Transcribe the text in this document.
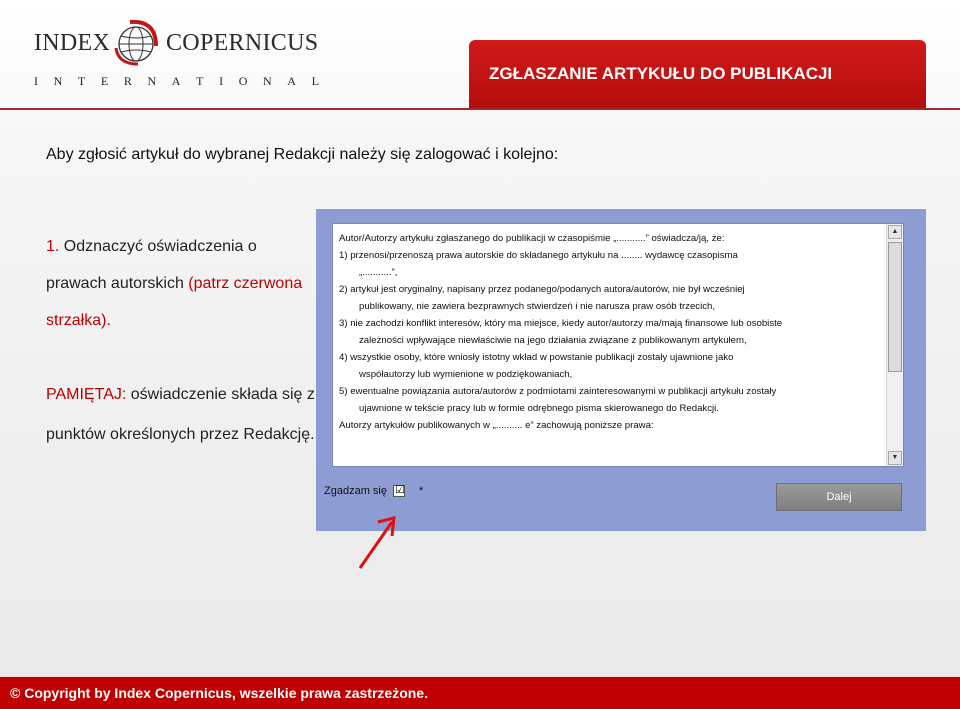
INDEX COPERNICUS
I N T E R N A T I O N A L	ZGŁASZANIE ARTYKUŁU DO PUBLIKACJI
Aby zgłosić artykuł do wybranej Redakcji należy się zalogować i kolejno:
1. Odznaczyć oświadczenia o prawach autorskich (patrz czerwona strzałka).
PAMIĘTAJ: oświadczenie składa się z punktów określonych przez Redakcję.
Autor/Autorzy artykułu zgłaszanego do publikacji w czasopiśmie „...........” oświadcza/ją, że:
1) przenosi/przenoszą prawa autorskie do składanego artykułu na ........ wydawcę czasopisma
„...........”,
2) artykuł jest oryginalny, napisany przez podanego/podanych autora/autorów, nie był wcześniej
publikowany, nie zawiera bezprawnych stwierdzeń i nie narusza praw osób trzecich,
3) nie zachodzi konflikt interesów, który ma miejsce, kiedy autor/autorzy ma/mają finansowe lub osobiste
zależności wpływające niewłaściwie na jego działania związane z publikowanym artykułem,
4) wszystkie osoby, które wniosły istotny wkład w powstanie publikacji zostały ujawnione jako
współautorzy lub wymienione w podziękowaniach,
5) ewentualne powiązania autora/autorów z podmiotami zainteresowanymi w publikacji artykułu zostały
ujawnione w tekście pracy lub w formie odrębnego pisma skierowanego do Redakcji.
Autorzy artykułów publikowanych w „.......... e” zachowują poniższe prawa:
▲
▼
Zgadzam się ☑ *	Dalej
© Copyright by Index Copernicus, wszelkie prawa zastrzeżone.
